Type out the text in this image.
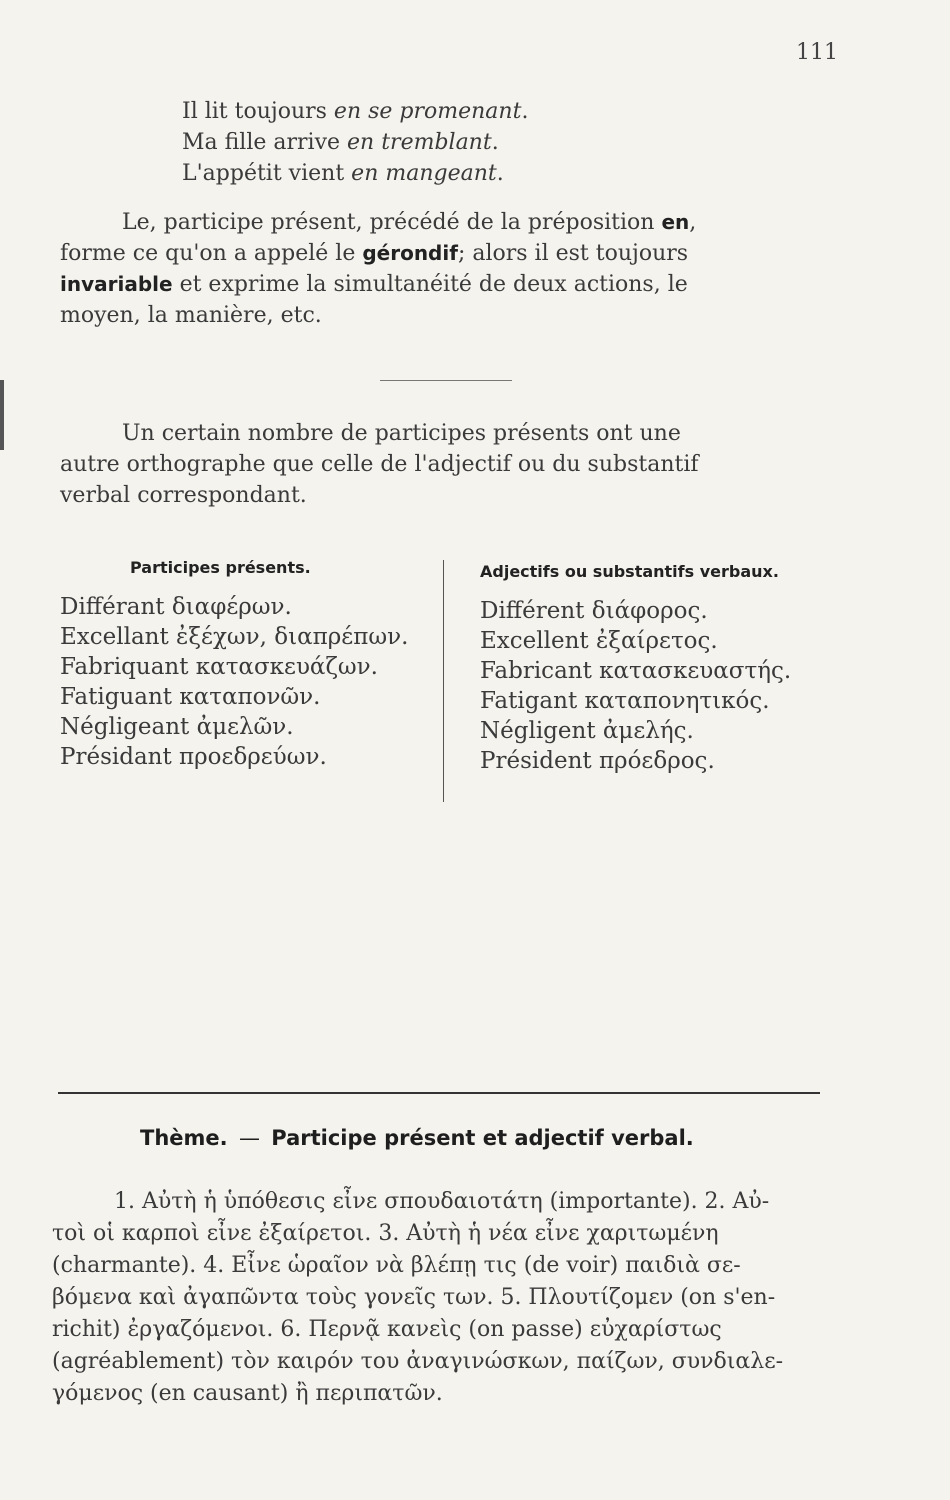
111
Il lit toujours en se promenant.
Ma fille arrive en tremblant.
L'appétit vient en mangeant.
Le, participe présent, précédé de la préposition en,
forme ce qu'on a appelé le gérondif; alors il est toujours
invariable et exprime la simultanéité de deux actions, le
moyen, la manière, etc.
Un certain nombre de participes présents ont une
autre orthographe que celle de l'adjectif ou du substantif
verbal correspondant.
Participes présents.	Adjectifs ou substantifs verbaux.
Différant διαφέρων.
Excellant ἐξέχων, διαπρέπων.
Fabriquant κατασκευάζων.
Fatiguant καταπονῶν.
Négligeant ἀμελῶν.
Présidant προεδρεύων.
Différent διάφορος.
Excellent ἐξαίρετος.
Fabricant κατασκευαστής.
Fatigant καταπονητικός.
Négligent ἀμελής.
Président πρόεδρος.
Thème. — Participe présent et adjectif verbal.
1. Αὐτὴ ἡ ὑπόθεσις εἶνε σπουδαιοτάτη (importante). 2. Αὐ-
τοὶ οἱ καρποὶ εἶνε ἐξαίρετοι. 3. Αὐτὴ ἡ νέα εἶνε χαριτωμένη
(charmante). 4. Εἶνε ὡραῖον νὰ βλέπῃ τις (de voir) παιδιὰ σε-
βόμενα καὶ ἀγαπῶντα τοὺς γονεῖς των. 5. Πλουτίζομεν (on s'en-
richit) ἐργαζόμενοι. 6. Περνᾷ κανεὶς (on passe) εὐχαρίστως
(agréablement) τὸν καιρόν του ἀναγινώσκων, παίζων, συνδιαλε-
γόμενος (en causant) ἢ περιπατῶν.
